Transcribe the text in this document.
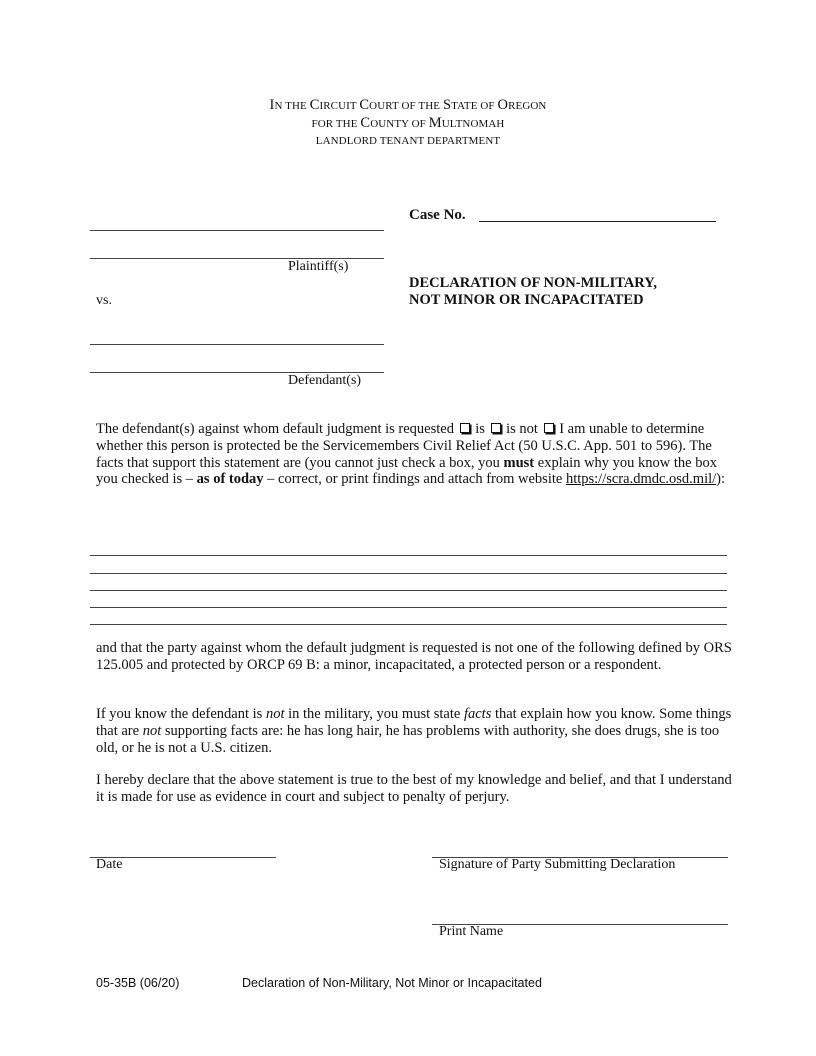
IN THE CIRCUIT COURT OF THE STATE OF OREGON
FOR THE COUNTY OF MULTNOMAH
LANDLORD TENANT DEPARTMENT
Plaintiff(s)
vs.
Defendant(s)
Case No.
DECLARATION OF NON-MILITARY,
NOT MINOR OR INCAPACITATED
The defendant(s) against whom default judgment is requested  is  is not  I am unable to determine whether this person is protected be the Servicemembers Civil Relief Act (50 U.S.C. App. 501 to 596). The facts that support this statement are (you cannot just check a box, you must explain why you know the box you checked is – as of today – correct, or print findings and attach from website https://scra.dmdc.osd.mil/):
and that the party against whom the default judgment is requested is not one of the following defined by ORS 125.005 and protected by ORCP 69 B: a minor, incapacitated, a protected person or a respondent.
If you know the defendant is not in the military, you must state facts that explain how you know. Some things that are not supporting facts are: he has long hair, he has problems with authority, she does drugs, she is too old, or he is not a U.S. citizen.
I hereby declare that the above statement is true to the best of my knowledge and belief, and that I understand it is made for use as evidence in court and subject to penalty of perjury.
Date	Signature of Party Submitting Declaration
Print Name
05-35B (06/20)	Declaration of Non-Military, Not Minor or Incapacitated
